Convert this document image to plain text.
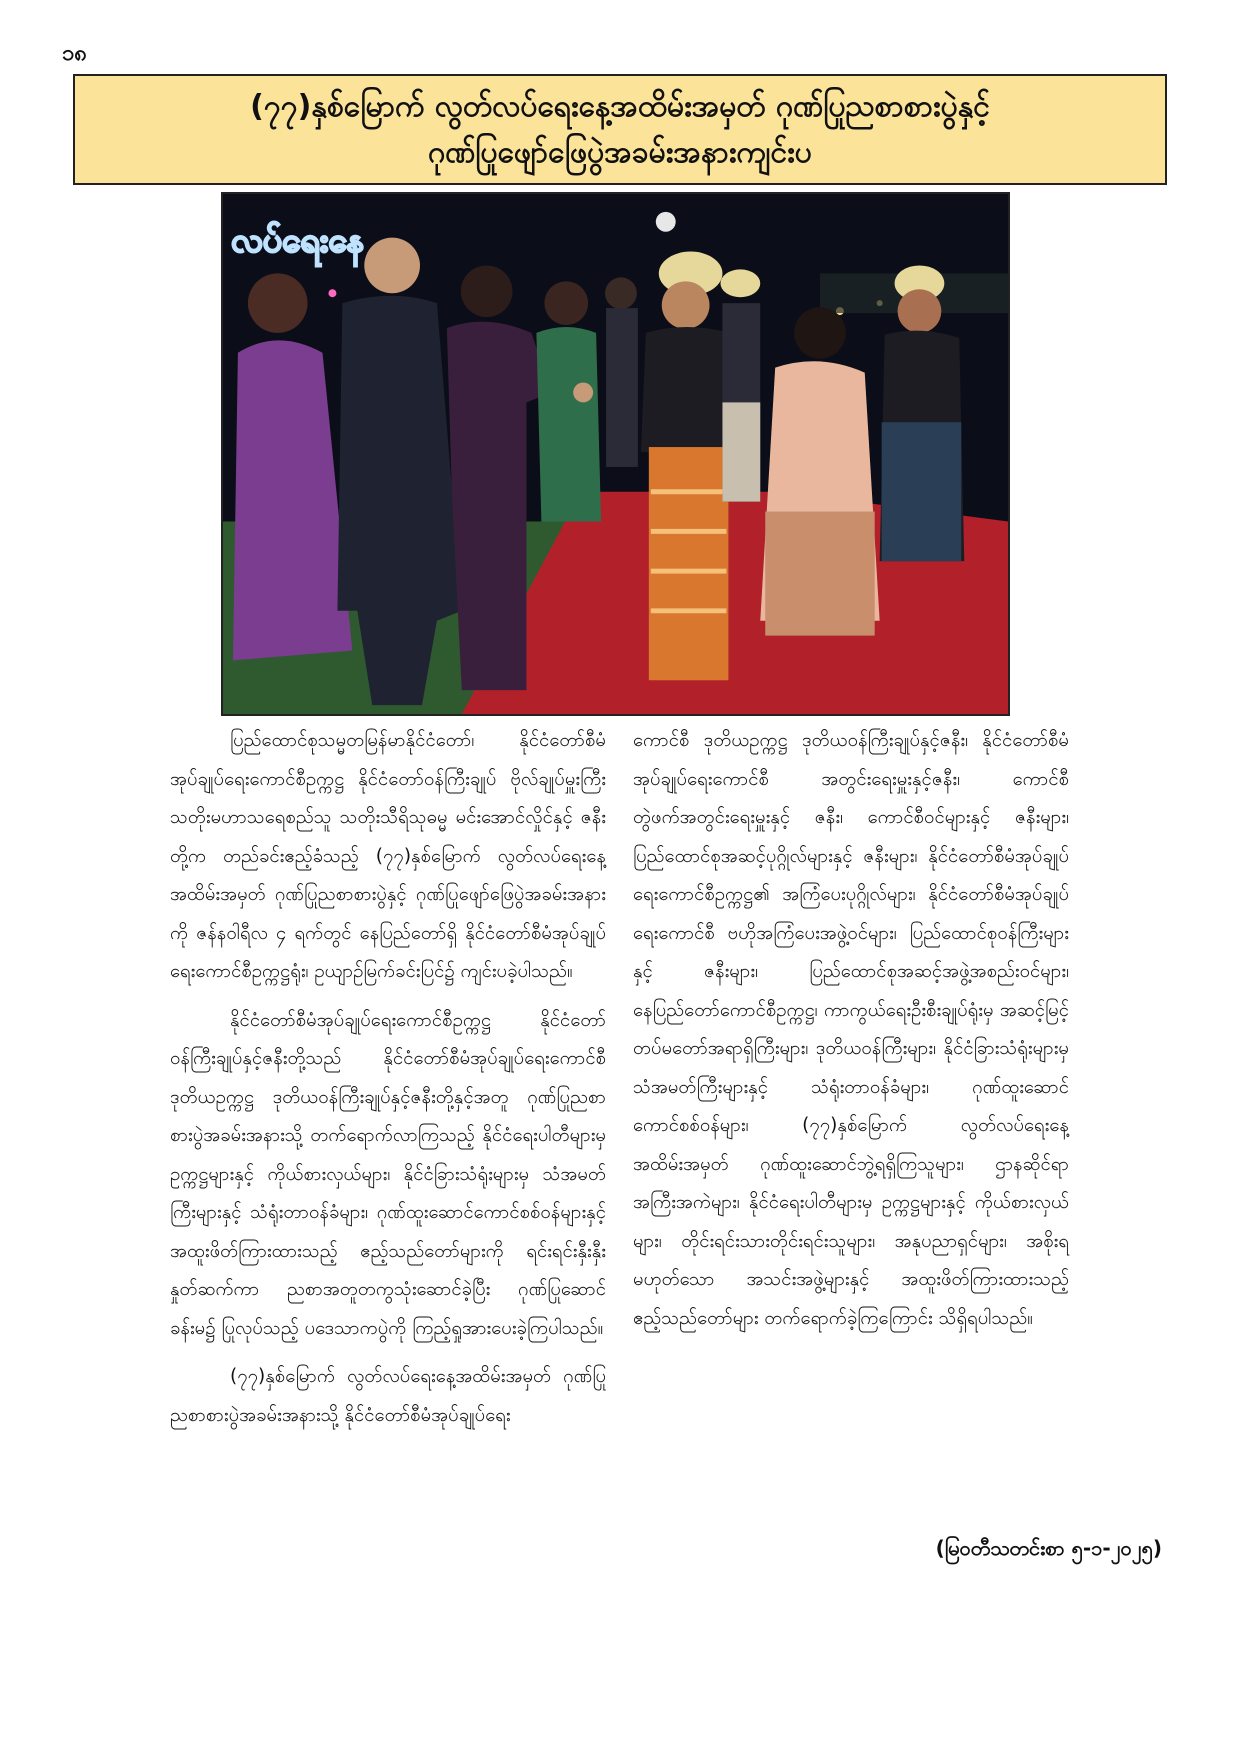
၁၈
(၇၇)နှစ်မြောက် လွတ်လပ်ရေးနေ့အထိမ်းအမှတ် ဂုဏ်ပြုညစာစားပွဲနှင့်
ဂုဏ်ပြုဖျော်ဖြေပွဲအခမ်းအနားကျင်းပ
လပ်ရေးနေ

ပြည်ထောင်စုသမ္မတမြန်မာနိုင်ငံတော်၊ နိုင်ငံတော်စီမံအုပ်ချုပ်ရေးကောင်စီဥက္ကဋ္ဌ နိုင်ငံတော်ဝန်ကြီးချုပ် ဗိုလ်ချုပ်မှူးကြီး သတိုးမဟာသရေစည်သူ သတိုးသီရိသုဓမ္မ မင်းအောင်လှိုင်နှင့် ဇနီးတို့က တည်ခင်းဧည့်ခံသည့် (၇၇)နှစ်မြောက် လွတ်လပ်ရေးနေ့အထိမ်းအမှတ် ဂုဏ်ပြုညစာစားပွဲနှင့် ဂုဏ်ပြုဖျော်ဖြေပွဲအခမ်းအနားကို ဇန်နဝါရီလ ၄ ရက်တွင် နေပြည်တော်ရှိ နိုင်ငံတော်စီမံအုပ်ချုပ်ရေးကောင်စီဥက္ကဋ္ဌရုံး၊ ဥယျာဉ်မြက်ခင်းပြင်၌ ကျင်းပခဲ့ပါသည်။

နိုင်ငံတော်စီမံအုပ်ချုပ်ရေးကောင်စီဥက္ကဋ္ဌ နိုင်ငံတော်ဝန်ကြီးချုပ်နှင့်ဇနီးတို့သည် နိုင်ငံတော်စီမံအုပ်ချုပ်ရေးကောင်စီ ဒုတိယဥက္ကဋ္ဌ ဒုတိယဝန်ကြီးချုပ်နှင့်ဇနီးတို့နှင့်အတူ ဂုဏ်ပြုညစာစားပွဲအခမ်းအနားသို့ တက်ရောက်လာကြသည့် နိုင်ငံရေးပါတီများမှဥက္ကဋ္ဌများနှင့် ကိုယ်စားလှယ်များ၊ နိုင်ငံခြားသံရုံးများမှ သံအမတ်ကြီးများနှင့် သံရုံးတာဝန်ခံများ၊ ဂုဏ်ထူးဆောင်ကောင်စစ်ဝန်များနှင့် အထူးဖိတ်ကြားထားသည့် ဧည့်သည်တော်များကို ရင်းရင်းနှီးနှီး နှုတ်ဆက်ကာ ညစာအတူတကွသုံးဆောင်ခဲ့ပြီး ဂုဏ်ပြုဆောင်ခန်းမ၌ ပြုလုပ်သည့် ပဒေသာကပွဲကို ကြည့်ရှုအားပေးခဲ့ကြပါသည်။

(၇၇)နှစ်မြောက် လွတ်လပ်ရေးနေ့အထိမ်းအမှတ် ဂုဏ်ပြုညစာစားပွဲအခမ်းအနားသို့ နိုင်ငံတော်စီမံအုပ်ချုပ်ရေး

ကောင်စီ ဒုတိယဥက္ကဋ္ဌ ဒုတိယဝန်ကြီးချုပ်နှင့်ဇနီး၊ နိုင်ငံတော်စီမံအုပ်ချုပ်ရေးကောင်စီ အတွင်းရေးမှူးနှင့်ဇနီး၊ ကောင်စီတွဲဖက်အတွင်းရေးမှူးနှင့် ဇနီး၊ ကောင်စီဝင်များနှင့် ဇနီးများ၊ ပြည်ထောင်စုအဆင့်ပုဂ္ဂိုလ်များနှင့် ဇနီးများ၊ နိုင်ငံတော်စီမံအုပ်ချုပ်ရေးကောင်စီဥက္ကဋ္ဌ၏ အကြံပေးပုဂ္ဂိုလ်များ၊ နိုင်ငံတော်စီမံအုပ်ချုပ်ရေးကောင်စီ ဗဟိုအကြံပေးအဖွဲ့ဝင်များ၊ ပြည်ထောင်စုဝန်ကြီးများနှင့် ဇနီးများ၊ ပြည်ထောင်စုအဆင့်အဖွဲ့အစည်းဝင်များ၊ နေပြည်တော်ကောင်စီဥက္ကဋ္ဌ၊ ကာကွယ်ရေးဦးစီးချုပ်ရုံးမှ အဆင့်မြင့်တပ်မတော်အရာရှိကြီးများ၊ ဒုတိယဝန်ကြီးများ၊ နိုင်ငံခြားသံရုံးများမှ သံအမတ်ကြီးများနှင့် သံရုံးတာဝန်ခံများ၊ ဂုဏ်ထူးဆောင်ကောင်စစ်ဝန်များ၊ (၇၇)နှစ်မြောက် လွတ်လပ်ရေးနေ့အထိမ်းအမှတ် ဂုဏ်ထူးဆောင်ဘွဲ့ရရှိကြသူများ၊ ဌာနဆိုင်ရာအကြီးအကဲများ၊ နိုင်ငံရေးပါတီများမှ ဥက္ကဋ္ဌများနှင့် ကိုယ်စားလှယ်များ၊ တိုင်းရင်းသားတိုင်းရင်းသူများ၊ အနုပညာရှင်များ၊ အစိုးရမဟုတ်သော အသင်းအဖွဲ့များနှင့် အထူးဖိတ်ကြားထားသည့် ဧည့်သည်တော်များ တက်ရောက်ခဲ့ကြကြောင်း သိရှိရပါသည်။

(မြဝတီသတင်းစာ ၅-၁-၂၀၂၅)
